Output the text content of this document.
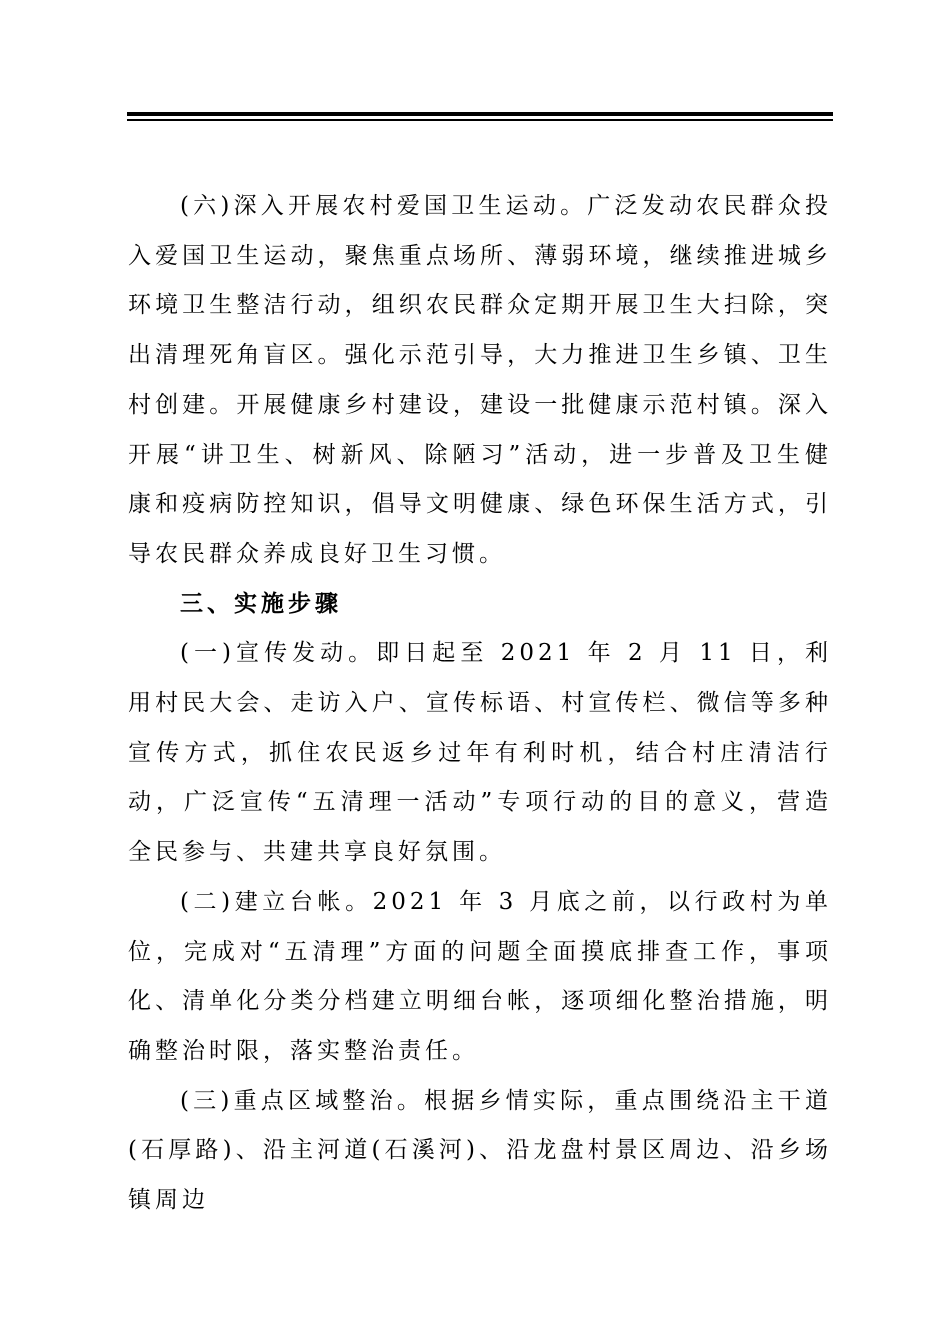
(六)深入开展农村爱国卫生运动。广泛发动农民群众投入爱国卫生运动，聚焦重点场所、薄弱环境，继续推进城乡环境卫生整洁行动，组织农民群众定期开展卫生大扫除，突出清理死角盲区。强化示范引导，大力推进卫生乡镇、卫生村创建。开展健康乡村建设，建设一批健康示范村镇。深入开展“讲卫生、树新风、除陋习”活动，进一步普及卫生健康和疫病防控知识，倡导文明健康、绿色环保生活方式，引导农民群众养成良好卫生习惯。

三、实施步骤

(一)宣传发动。即日起至 2021 年 2 月 11 日，利用村民大会、走访入户、宣传标语、村宣传栏、微信等多种宣传方式，抓住农民返乡过年有利时机，结合村庄清洁行动，广泛宣传“五清理一活动”专项行动的目的意义，营造全民参与、共建共享良好氛围。

(二)建立台帐。2021 年 3 月底之前，以行政村为单位，完成对“五清理”方面的问题全面摸底排查工作，事项化、清单化分类分档建立明细台帐，逐项细化整治措施，明确整治时限，落实整治责任。

(三)重点区域整治。根据乡情实际，重点围绕沿主干道(石厚路)、沿主河道(石溪河)、沿龙盘村景区周边、沿乡场镇周边
